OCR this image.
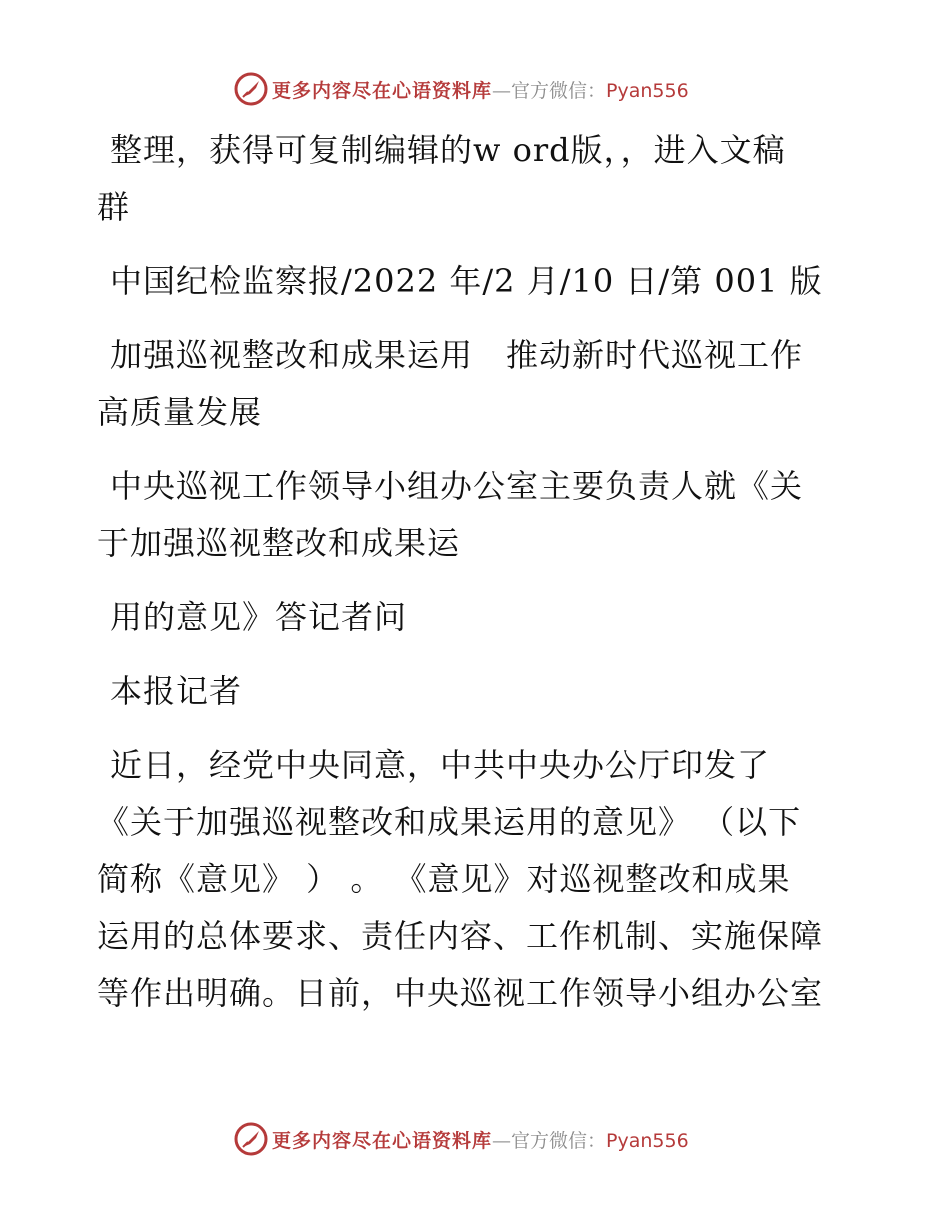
更多内容尽在心语资料库—官方微信：Pyan556
整理，获得可复制编辑的w ord版，，进入文稿
群
中国纪检监察报/2022 年/2 月/10 日/第 001 版
加强巡视整改和成果运用　推动新时代巡视工作
高质量发展
中央巡视工作领导小组办公室主要负责人就《关
于加强巡视整改和成果运
用的意见》答记者问
本报记者
近日，经党中央同意，中共中央办公厅印发了
《关于加强巡视整改和成果运用的意见》 （以下
简称《意见》 ） 。 《意见》对巡视整改和成果
运用的总体要求、责任内容、工作机制、实施保障
等作出明确。日前，中央巡视工作领导小组办公室
更多内容尽在心语资料库—官方微信：Pyan556
